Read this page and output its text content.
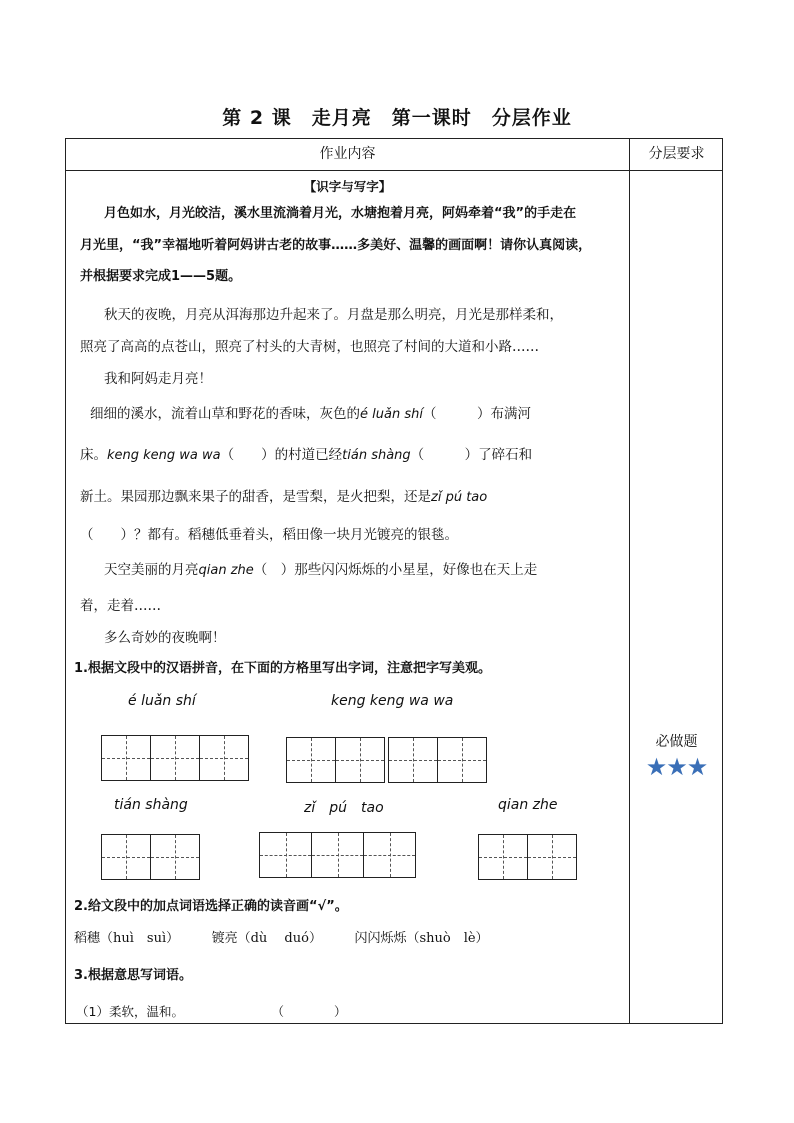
第 2 课　走月亮　第一课时　分层作业
作业内容	分层要求
【识字与写字】
月色如水，月光皎洁，溪水里流淌着月光，水塘抱着月亮，阿妈牵着“我”的手走在
月光里，“我”幸福地听着阿妈讲古老的故事……多美好、温馨的画面啊！请你认真阅读，
并根据要求完成1——5题。
秋天的夜晚，月亮从洱海那边升起来了。月盘是那么明亮，月光是那样柔和，
照亮了高高的点苍山，照亮了村头的大青树，也照亮了村间的大道和小路……
我和阿妈走月亮！
细细的溪水，流着山草和野花的香味，灰色的é luǎn shí（　　　）布满河
床。keng keng wa wa（　　）的村道已经tián shàng（　　　）了碎石和
新土。果园那边飘来果子的甜香，是雪梨，是火把梨，还是zǐ pú tao
（　　）？都有。稻穗低垂着头，稻田像一块月光镀亮的银毯。
天空美丽的月亮qian zhe（　）那些闪闪烁烁的小星星，好像也在天上走
着，走着……
多么奇妙的夜晚啊！
1.根据文段中的汉语拼音，在下面的方格里写出字词，注意把字写美观。
é luǎn shí	keng keng wa wa
tián shàng	zǐ　pú　tao	qian zhe
2.给文段中的加点词语选择正确的读音画“√”。
稻穗（huì　suì）　　　镀亮（dù　 duó）　　　闪闪烁烁（shuò　lè）
3.根据意思写词语。
（1）柔软，温和。　　　　　　　　（　　　　）
必做题
★★★
